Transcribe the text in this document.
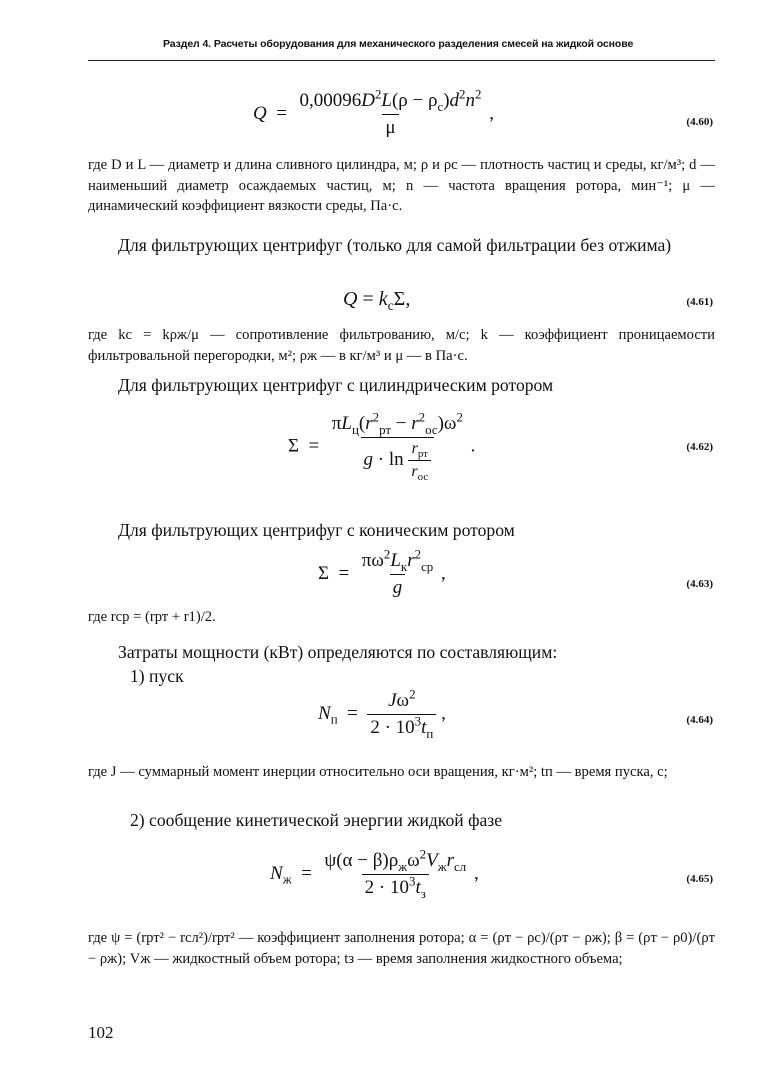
Раздел 4. Расчеты оборудования для механического разделения смесей на жидкой основе
$Q = \frac{0,00096D^2L(\rho - \rho_с)d^2n^2}{\mu}$ ,	(4.60)
где D и L — диаметр и длина сливного цилиндра, м; ρ и ρc — плотность частиц и среды, кг/м³; d — наименьший диаметр осаждаемых частиц, м; n — частота вращения ротора, мин⁻¹; μ — динамический коэффициент вязкости среды, Па·с.
Для фильтрующих центрифуг (только для самой фильтрации без отжима)
$Q = k_с\Sigma$,	(4.61)
где kc = kρж/μ — сопротивление фильтрованию, м/с; k — коэффициент проницаемости фильтровальной перегородки, м²; ρж — в кг/м³ и μ — в Па·с.
Для фильтрующих центрифуг с цилиндрическим ротором
$\Sigma = \frac{\pi L_ц(r^2_{рт} - r^2_{ос})\omega^2}{g \cdot \ln \frac{r_{рт}}{r_{ос}}}$ .	(4.62)
Для фильтрующих центрифуг с коническим ротором
$\Sigma = \frac{\pi\omega^2L_кr^2_{ср}}{g}$ ,
(4.63)
где rср = (rрт + r1)/2.
Затраты мощности (кВт) определяются по составляющим:
1) пуск
$N_п = \frac{J\omega^2}{2 \cdot 10^3t_п}$ ,	(4.64)
где J — суммарный момент инерции относительно оси вращения, кг·м²; tп — время пуска, с;
2) сообщение кинетической энергии жидкой фазе
$N_ж = \frac{\psi(\alpha - \beta)\rho_ж\omega^2V_жr_{сл}}{2 \cdot 10^3t_з}$ ,	(4.65)
где ψ = (rрт² − rсл²)/rрт² — коэффициент заполнения ротора; α = (ρт − ρс)/(ρт − ρж); β = (ρт − ρ0)/(ρт − ρж); Vж — жидкостный объем ротора; tз — время заполнения жидкостного объема;
102
